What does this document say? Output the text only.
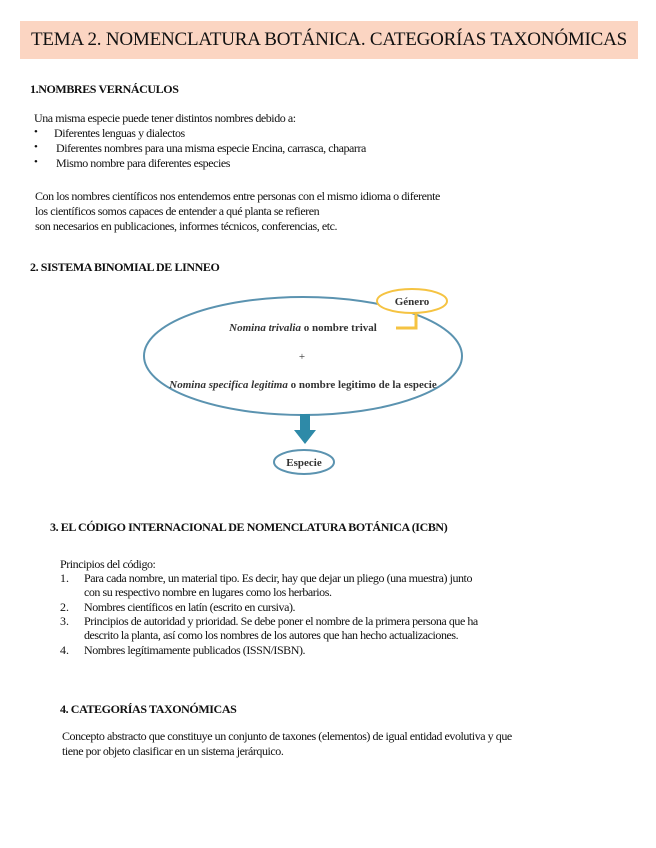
TEMA 2. NOMENCLATURA BOTÁNICA. CATEGORÍAS TAXONÓMICAS
1.NOMBRES VERNÁCULOS
Una misma especie puede tener distintos nombres debido a:
• Diferentes lenguas y dialectos
• Diferentes nombres para una misma especie Encina, carrasca, chaparra
• Mismo nombre para diferentes especies
Con los nombres científicos nos entendemos entre personas con el mismo idioma o diferente
los científicos somos capaces de entender a qué planta se refieren
son necesarios en publicaciones, informes técnicos, conferencias, etc.
2. SISTEMA BINOMIAL DE LINNEO
Nomina trivalia o nombre trival
+
Nomina specifica legitima o nombre legitimo de la especie
Género
Especie
3. EL CÓDIGO INTERNACIONAL DE NOMENCLATURA BOTÁNICA (ICBN)
Principios del código:
1. Para cada nombre, un material tipo. Es decir, hay que dejar un pliego (una muestra) junto
con su respectivo nombre en lugares como los herbarios.
2. Nombres científicos en latín (escrito en cursiva).
3. Principios de autoridad y prioridad. Se debe poner el nombre de la primera persona que ha
descrito la planta, así como los nombres de los autores que han hecho actualizaciones.
4. Nombres legítimamente publicados (ISSN/ISBN).
4. CATEGORÍAS TAXONÓMICAS
Concepto abstracto que constituye un conjunto de taxones (elementos) de igual entidad evolutiva y que
tiene por objeto clasificar en un sistema jerárquico.
